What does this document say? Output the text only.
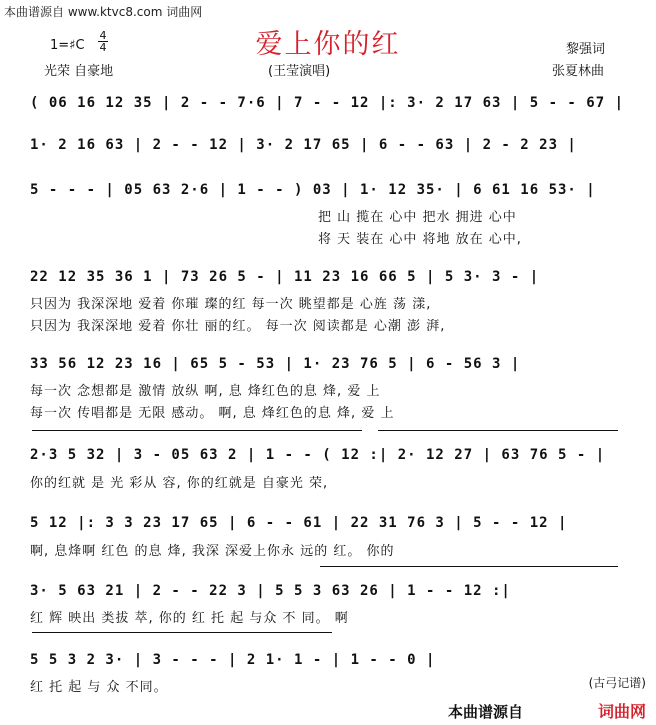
本曲谱源自 www.ktvc8.com 词曲网
爱上你的红
1=♯C
4
4
光荣 自豪地	(王莹演唱)
黎强词
张夏林曲
( 06 16 12 35 | 2 - - 7·6 | 7 - - 12 |: 3· 2 17 63 | 5 - - 67 |
1· 2 16 63 | 2 - - 12 | 3· 2 17 65 | 6 - - 63 | 2 - 2 23 |
5 - - - | 05 63 2·6 | 1 - - ) 03 | 1· 12 35· | 6 61 16 53· |
把 山 揽在 心中 把水 拥进 心中
将 天 装在 心中 将地 放在 心中,
22 12 35 36 1 | 73 26 5 - | 11 23 16 66 5 | 5 3· 3 - |
只因为 我深深地 爱着 你璀 璨的红 每一次 眺望都是 心旌 荡 漾,
只因为 我深深地 爱着 你壮 丽的红。 每一次 阅读都是 心潮 澎 湃,
33 56 12 23 16 | 65 5 - 53 | 1· 23 76 5 | 6 - 56 3 |
每一次 念想都是 激情 放纵 啊, 息 烽红色的息 烽, 爱 上
每一次 传唱都是 无限 感动。 啊, 息 烽红色的息 烽, 爱 上
2·3 5 32 | 3 - 05 63 2 | 1 - - ( 12 :| 2· 12 27 | 63 76 5 - |
你的红就 是 光 彩从 容, 你的红就是 自豪光 荣,
5 12 |: 3 3 23 17 65 | 6 - - 61 | 22 31 76 3 | 5 - - 12 |
啊, 息烽啊 红色 的息 烽, 我深 深爱上你永 远的 红。 你的
3· 5 63 21 | 2 - - 22 3 | 5 5 3 63 26 | 1 - - 12 :|
红 辉 映出 类拔 萃, 你的 红 托 起 与众 不 同。 啊
5 5 3 2 3· | 3 - - - | 2 1· 1 - | 1 - - 0 |
红 托 起 与 众 不同。	(古弓记谱)
本曲谱源自	词曲网
